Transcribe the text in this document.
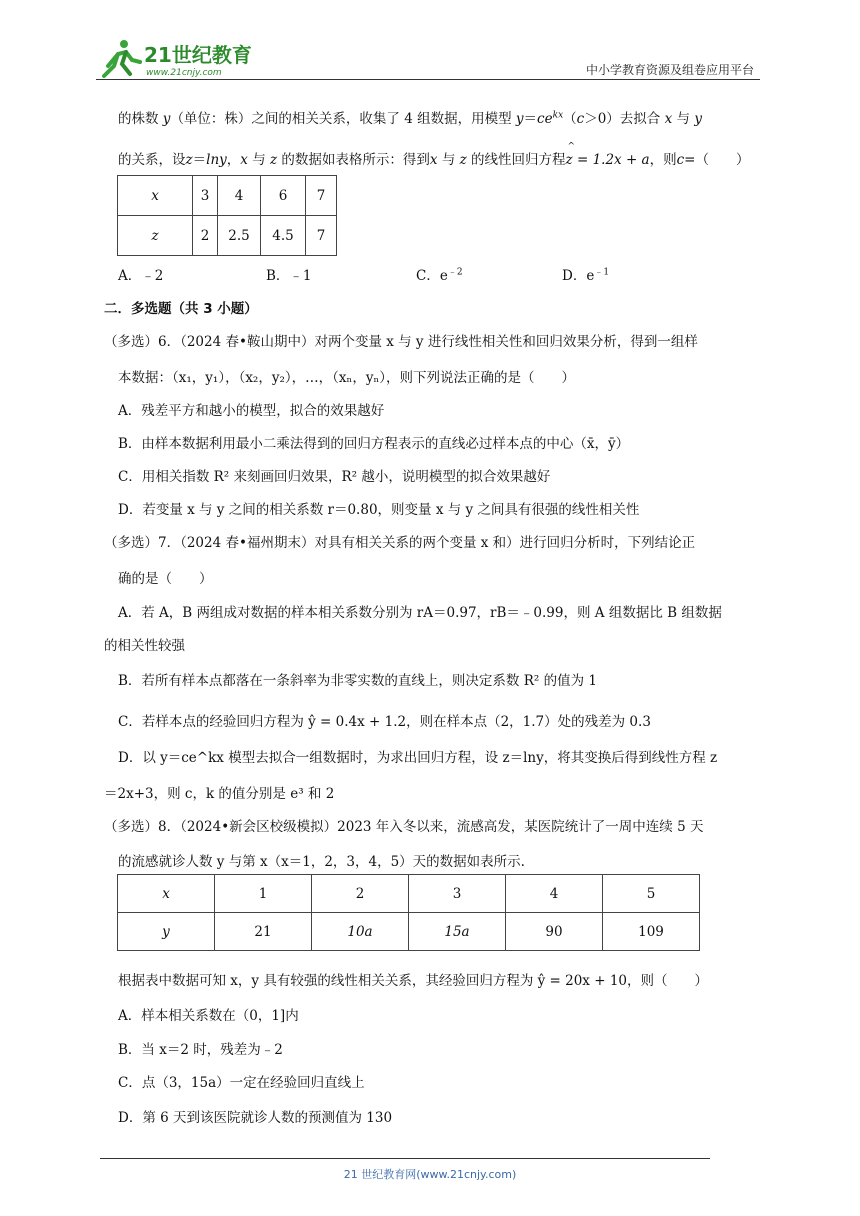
21世纪教育
www.21cnjy.com	中小学教育资源及组卷应用平台
的株数 y（单位：株）之间的相关关系，收集了 4 组数据，用模型 $y=ce^{kx}(c>0)$去拟合 x 与 y
的关系，设z＝lny，x 与 z 的数据如表格所示：得到x 与 z 的线性回归方程^ z = 1.2x + a，则c=（　　）
x	3	4	6	7
z	2	2.5	4.5	7
A．﹣2	B．﹣1	C．$e^{﹣2}$	D．$e^{﹣1}$
二．多选题（共 3 小题）
（多选）6．（2024 春•鞍山期中）对两个变量 x 与 y 进行线性相关性和回归效果分析，得到一组样
本数据：（x₁，y₁），（x₂，y₂），…，（xₙ，yₙ），则下列说法正确的是（　　）
A．残差平方和越小的模型，拟合的效果越好
B．由样本数据利用最小二乘法得到的回归方程表示的直线必过样本点的中心（x̄，ȳ）
C．用相关指数 R² 来刻画回归效果，R² 越小，说明模型的拟合效果越好
D．若变量 x 与 y 之间的相关系数 r＝0.80，则变量 x 与 y 之间具有很强的线性相关性
（多选）7．（2024 春•福州期末）对具有相关关系的两个变量 x 和）进行回归分析时，下列结论正
确的是（　　）
A．若 A，B 两组成对数据的样本相关系数分别为 rA＝0.97，rB＝﹣0.99，则 A 组数据比 B 组数据
的相关性较强
B．若所有样本点都落在一条斜率为非零实数的直线上，则决定系数 R² 的值为 1
C．若样本点的经验回归方程为 ŷ = 0.4x + 1.2，则在样本点（2，1.7）处的残差为 0.3
D．以 y＝ce^kx 模型去拟合一组数据时，为求出回归方程，设 z＝lny，将其变换后得到线性方程 z
＝2x+3，则 c，k 的值分别是 e³ 和 2
（多选）8．（2024•新会区校级模拟）2023 年入冬以来，流感高发，某医院统计了一周中连续 5 天
的流感就诊人数 y 与第 x（x＝1，2，3，4，5）天的数据如表所示.
x	1	2	3	4	5
y	21	10a	15a	90	109
根据表中数据可知 x，y 具有较强的线性相关关系，其经验回归方程为 ŷ = 20x + 10，则（　　）
A．样本相关系数在（0，1]内
B．当 x＝2 时，残差为﹣2
C．点（3，15a）一定在经验回归直线上
D．第 6 天到该医院就诊人数的预测值为 130
21 世纪教育网(www.21cnjy.com)
